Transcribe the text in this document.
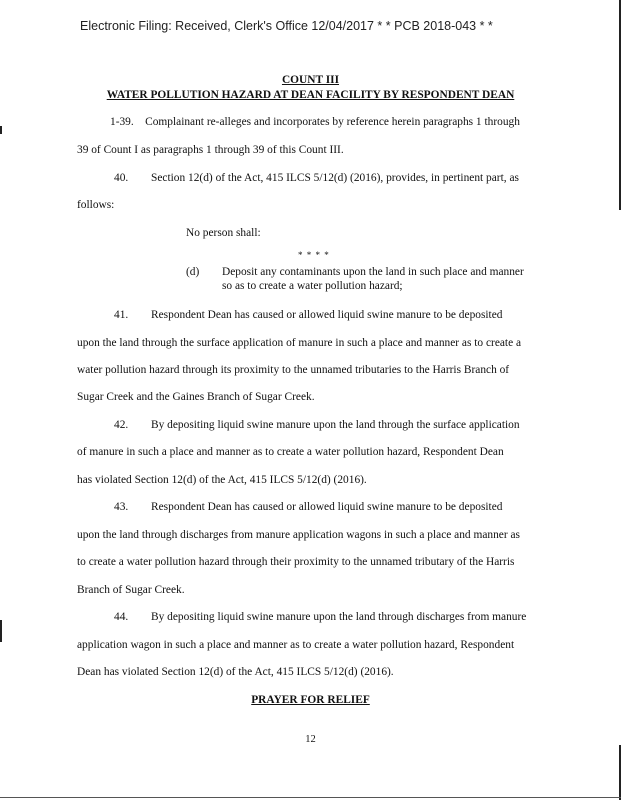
Electronic Filing: Received, Clerk's Office 12/04/2017 * * PCB 2018-043 * *
COUNT III
WATER POLLUTION HAZARD AT DEAN FACILITY BY RESPONDENT DEAN
1-39. Complainant re-alleges and incorporates by reference herein paragraphs 1 through
39 of Count I as paragraphs 1 through 39 of this Count III.
40. Section 12(d) of the Act, 415 ILCS 5/12(d) (2016), provides, in pertinent part, as
follows:
No person shall:
* * * *
(d) Deposit any contaminants upon the land in such place and manner
so as to create a water pollution hazard;
41. Respondent Dean has caused or allowed liquid swine manure to be deposited
upon the land through the surface application of manure in such a place and manner as to create a
water pollution hazard through its proximity to the unnamed tributaries to the Harris Branch of
Sugar Creek and the Gaines Branch of Sugar Creek.
42. By depositing liquid swine manure upon the land through the surface application
of manure in such a place and manner as to create a water pollution hazard, Respondent Dean
has violated Section 12(d) of the Act, 415 ILCS 5/12(d) (2016).
43. Respondent Dean has caused or allowed liquid swine manure to be deposited
upon the land through discharges from manure application wagons in such a place and manner as
to create a water pollution hazard through their proximity to the unnamed tributary of the Harris
Branch of Sugar Creek.
44. By depositing liquid swine manure upon the land through discharges from manure
application wagon in such a place and manner as to create a water pollution hazard, Respondent
Dean has violated Section 12(d) of the Act, 415 ILCS 5/12(d) (2016).
PRAYER FOR RELIEF
12
